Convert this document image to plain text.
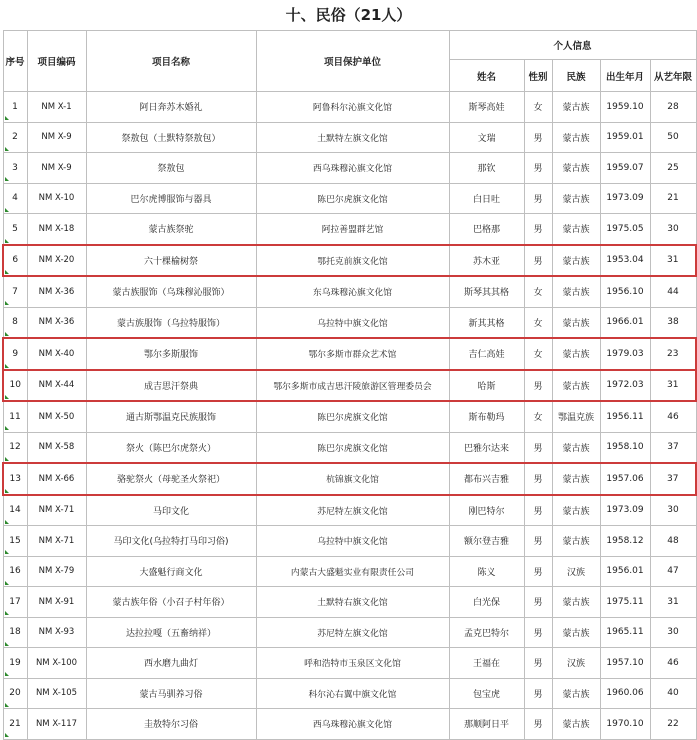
十、民俗（21人）
序号	项目编码	项目名称	项目保护单位	个人信息				
				姓名	性别	民族	出生年月	从艺年限
1	NM X-1	阿日奔苏木婚礼	阿鲁科尔沁旗文化馆	斯琴高娃	女	蒙古族	1959.10	28
2	NM X-9	祭敖包（土默特祭敖包）	土默特左旗文化馆	文瑞	男	蒙古族	1959.01	50
3	NM X-9	祭敖包	西乌珠穆沁旗文化馆	那钦	男	蒙古族	1959.07	25
4	NM X-10	巴尔虎博服饰与器具	陈巴尔虎旗文化馆	白日吐	男	蒙古族	1973.09	21
5	NM X-18	蒙古族祭驼	阿拉善盟群艺馆	巴格那	男	蒙古族	1975.05	30
6	NM X-20	六十棵榆树祭	鄂托克前旗文化馆	苏木亚	男	蒙古族	1953.04	31
7	NM X-36	蒙古族服饰（乌珠穆沁服饰）	东乌珠穆沁旗文化馆	斯琴其其格	女	蒙古族	1956.10	44
8	NM X-36	蒙古族服饰（乌拉特服饰）	乌拉特中旗文化馆	新其其格	女	蒙古族	1966.01	38
9	NM X-40	鄂尔多斯服饰	鄂尔多斯市群众艺术馆	吉仁高娃	女	蒙古族	1979.03	23
10	NM X-44	成吉思汗祭典	鄂尔多斯市成吉思汗陵旅游区管理委员会	哈斯	男	蒙古族	1972.03	31
11	NM X-50	通古斯鄂温克民族服饰	陈巴尔虎旗文化馆	斯布勒玛	女	鄂温克族	1956.11	46
12	NM X-58	祭火（陈巴尔虎祭火）	陈巴尔虎旗文化馆	巴雅尔达来	男	蒙古族	1958.10	37
13	NM X-66	骆驼祭火（母驼圣火祭祀）	杭锦旗文化馆	都布兴吉雅	男	蒙古族	1957.06	37
14	NM X-71	马印文化	苏尼特左旗文化馆	刚巴特尔	男	蒙古族	1973.09	30
15	NM X-71	马印文化(乌拉特打马印习俗)	乌拉特中旗文化馆	额尔登吉雅	男	蒙古族	1958.12	48
16	NM X-79	大盛魁行商文化	内蒙古大盛魁实业有限责任公司	陈义	男	汉族	1956.01	47
17	NM X-91	蒙古族年俗（小召子村年俗）	土默特右旗文化馆	白光保	男	蒙古族	1975.11	31
18	NM X-93	达拉拉嘎（五畜纳祥）	苏尼特左旗文化馆	孟克巴特尔	男	蒙古族	1965.11	30
19	NM X-100	西水磨九曲灯	呼和浩特市玉泉区文化馆	王福在	男	汉族	1957.10	46
20	NM X-105	蒙古马驯养习俗	科尔沁右翼中旗文化馆	包宝虎	男	蒙古族	1960.06	40
21	NM X-117	圭敖特尔习俗	西乌珠穆沁旗文化馆	那顺阿日平	男	蒙古族	1970.10	22
